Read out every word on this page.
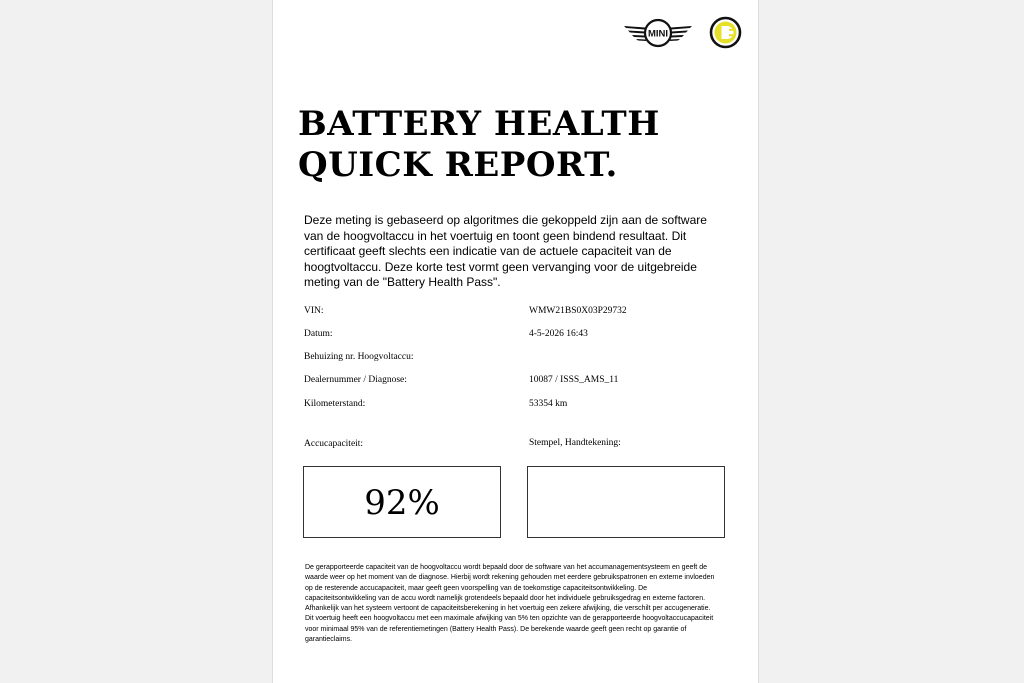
MINI
BATTERY HEALTH
QUICK REPORT.

Deze meting is gebaseerd op algoritmes die gekoppeld zijn aan de software van de hoogvoltaccu in het voertuig en toont geen bindend resultaat. Dit certificaat geeft slechts een indicatie van de actuele capaciteit van de hoogtvoltaccu. Deze korte test vormt geen vervanging voor de uitgebreide meting van de "Battery Health Pass".

VIN:	WMW21BS0X03P29732
Datum:	4-5-2026 16:43
Behuizing nr. Hoogvoltaccu:
Dealernummer / Diagnose:	10087 / ISSS_AMS_11
Kilometerstand:	53354 km
Accucapaciteit:	Stempel, Handtekening:
92%

De gerapporteerde capaciteit van de hoogvoltaccu wordt bepaald door de software van het accumanagementsysteem en geeft de waarde weer op het moment van de diagnose. Hierbij wordt rekening gehouden met eerdere gebruikspatronen en externe invloeden op de resterende accucapaciteit, maar geeft geen voorspelling van de toekomstige capaciteitsontwikkeling. De capaciteitsontwikkeling van de accu wordt namelijk grotendeels bepaald door het individuele gebruiksgedrag en externe factoren. Afhankelijk van het systeem vertoont de capaciteitsberekening in het voertuig een zekere afwijking, die verschilt per accugeneratie. Dit voertuig heeft een hoogvoltaccu met een maximale afwijking van 5% ten opzichte van de gerapporteerde hoogvoltaccucapaciteit voor minimaal 95% van de referentiemetingen (Battery Health Pass). De berekende waarde geeft geen recht op garantie of garantieclaims.
